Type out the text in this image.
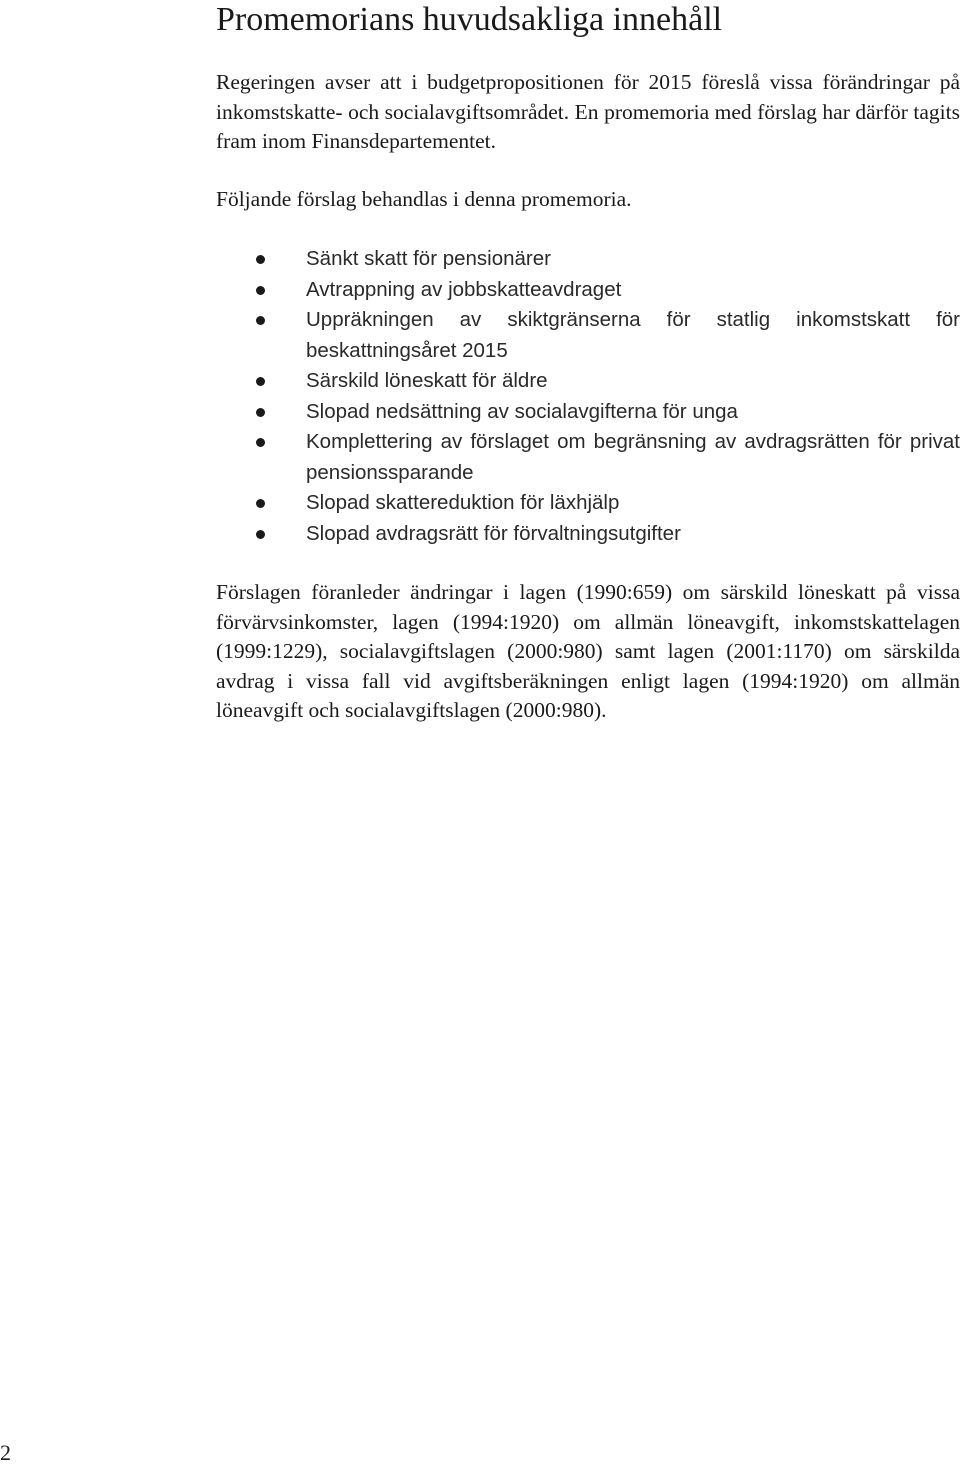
Promemorians huvudsakliga innehåll

Regeringen avser att i budgetpropositionen för 2015 föreslå vissa förändringar på inkomstskatte- och socialavgiftsområdet. En promemoria med förslag har därför tagits fram inom Finansdepartementet.

Följande förslag behandlas i denna promemoria.

Sänkt skatt för pensionärer
Avtrappning av jobbskatteavdraget
Uppräkningen av skiktgränserna för statlig inkomstskatt för beskattningsåret 2015
Särskild löneskatt för äldre
Slopad nedsättning av socialavgifterna för unga
Komplettering av förslaget om begränsning av avdragsrätten för privat pensionssparande
Slopad skattereduktion för läxhjälp
Slopad avdragsrätt för förvaltningsutgifter

Förslagen föranleder ändringar i lagen (1990:659) om särskild löneskatt på vissa förvärvsinkomster, lagen (1994:1920) om allmän löneavgift, inkomstskattelagen (1999:1229), socialavgiftslagen (2000:980) samt lagen (2001:1170) om särskilda avdrag i vissa fall vid avgiftsberäkningen enligt lagen (1994:1920) om allmän löneavgift och socialavgiftslagen (2000:980).

2
